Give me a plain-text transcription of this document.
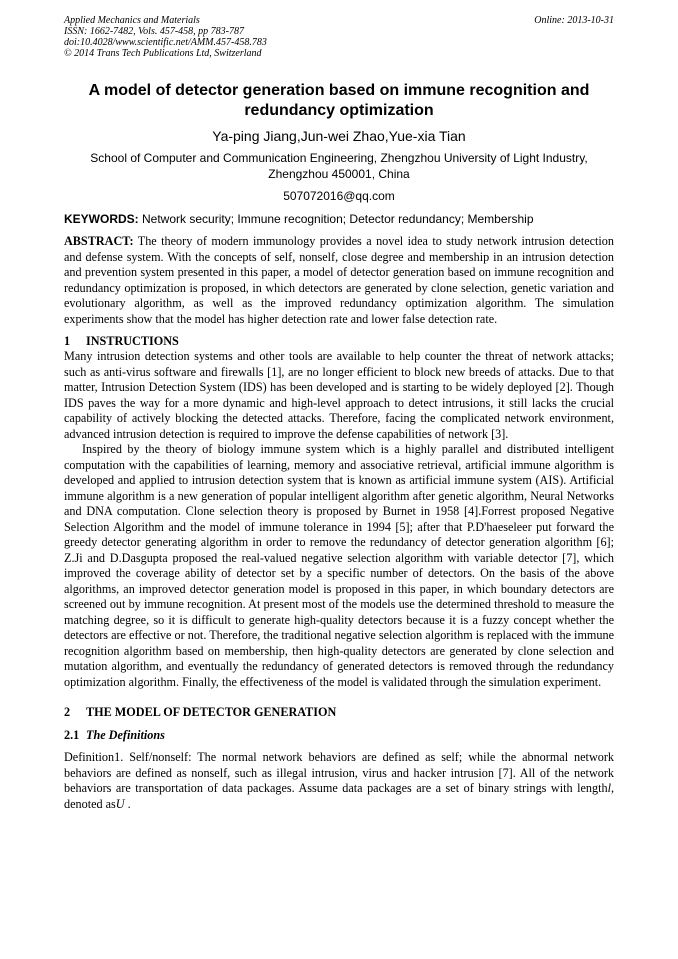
Applied Mechanics and Materials
ISSN: 1662-7482, Vols. 457-458, pp 783-787
doi:10.4028/www.scientific.net/AMM.457-458.783
© 2014 Trans Tech Publications Ltd, Switzerland
Online: 2013-10-31
A model of detector generation based on immune recognition and redundancy optimization
Ya-ping Jiang,Jun-wei Zhao,Yue-xia Tian
School of Computer and Communication Engineering, Zhengzhou University of Light Industry, Zhengzhou 450001, China
507072016@qq.com
KEYWORDS: Network security; Immune recognition; Detector redundancy; Membership

ABSTRACT: The theory of modern immunology provides a novel idea to study network intrusion detection and defense system. With the concepts of self, nonself, close degree and membership in an intrusion detection and prevention system presented in this paper, a model of detector generation based on immune recognition and redundancy optimization is proposed, in which detectors are generated by clone selection, genetic variation and evolutionary algorithm, as well as the improved redundancy optimization algorithm. The simulation experiments show that the model has higher detection rate and lower false detection rate.

1 INSTRUCTIONS

Many intrusion detection systems and other tools are available to help counter the threat of network attacks; such as anti-virus software and firewalls [1], are no longer efficient to block new breeds of attacks. Due to that matter, Intrusion Detection System (IDS) has been developed and is starting to be widely deployed [2]. Though IDS paves the way for a more dynamic and high-level approach to detect intrusions, it still lacks the crucial capability of actively blocking the detected attacks. Therefore, facing the complicated network environment, advanced intrusion detection is required to improve the defense capabilities of network [3].

Inspired by the theory of biology immune system which is a highly parallel and distributed intelligent computation with the capabilities of learning, memory and associative retrieval, artificial immune algorithm is developed and applied to intrusion detection system that is known as artificial immune system (AIS). Artificial immune algorithm is a new generation of popular intelligent algorithm after genetic algorithm, Neural Networks and DNA computation. Clone selection theory is proposed by Burnet in 1958 [4].Forrest proposed Negative Selection Algorithm and the model of immune tolerance in 1994 [5]; after that P.D'haeseleer put forward the greedy detector generating algorithm in order to remove the redundancy of detector generation algorithm [6]; Z.Ji and D.Dasgupta proposed the real-valued negative selection algorithm with variable detector [7], which improved the coverage ability of detector set by a specific number of detectors. On the basis of the above algorithms, an improved detector generation model is proposed in this paper, in which boundary detectors are screened out by immune recognition. At present most of the models use the determined threshold to measure the matching degree, so it is difficult to generate high-quality detectors because it is a fuzzy concept whether the detectors are effective or not. Therefore, the traditional negative selection algorithm is replaced with the immune recognition algorithm based on membership, then high-quality detectors are generated by clone selection and mutation algorithm, and eventually the redundancy of generated detectors is removed through the redundancy optimization algorithm. Finally, the effectiveness of the model is validated through the simulation experiment.

2 THE MODEL OF DETECTOR GENERATION
2.1 The Definitions

Definition1. Self/nonself: The normal network behaviors are defined as self; while the abnormal network behaviors are defined as nonself, such as illegal intrusion, virus and hacker intrusion [7]. All of the network behaviors are transportation of data packages. Assume data packages are a set of binary strings with lengthl, denoted asU .
